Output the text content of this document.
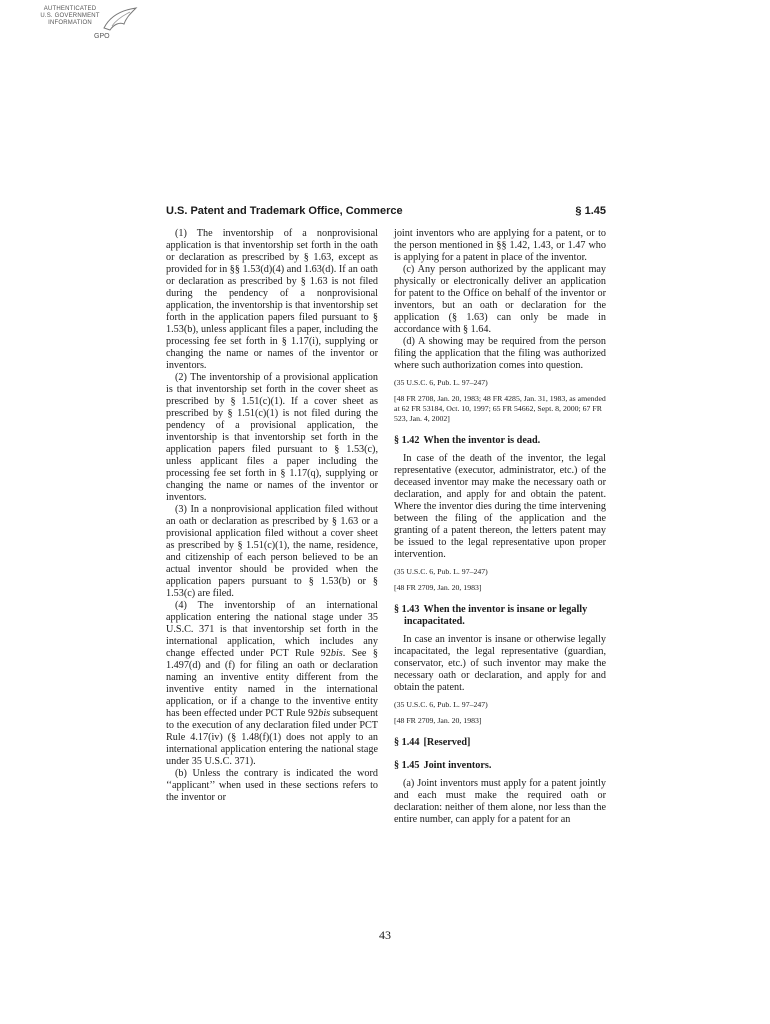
AUTHENTICATED
U.S. GOVERNMENT
INFORMATION
GPO
U.S. Patent and Trademark Office, Commerce	§ 1.45

(1) The inventorship of a nonprovisional application is that inventorship set forth in the oath or declaration as prescribed by § 1.63, except as provided for in §§ 1.53(d)(4) and 1.63(d). If an oath or declaration as prescribed by § 1.63 is not filed during the pendency of a nonprovisional application, the inventorship is that inventorship set forth in the application papers filed pursuant to § 1.53(b), unless applicant files a paper, including the processing fee set forth in § 1.17(i), supplying or changing the name or names of the inventor or inventors.

(2) The inventorship of a provisional application is that inventorship set forth in the cover sheet as prescribed by § 1.51(c)(1). If a cover sheet as prescribed by § 1.51(c)(1) is not filed during the pendency of a provisional application, the inventorship is that inventorship set forth in the application papers filed pursuant to § 1.53(c), unless applicant files a paper including the processing fee set forth in § 1.17(q), supplying or changing the name or names of the inventor or inventors.

(3) In a nonprovisional application filed without an oath or declaration as prescribed by § 1.63 or a provisional application filed without a cover sheet as prescribed by § 1.51(c)(1), the name, residence, and citizenship of each person believed to be an actual inventor should be provided when the application papers pursuant to § 1.53(b) or § 1.53(c) are filed.

(4) The inventorship of an international application entering the national stage under 35 U.S.C. 371 is that inventorship set forth in the international application, which includes any change effected under PCT Rule 92bis. See § 1.497(d) and (f) for filing an oath or declaration naming an inventive entity different from the inventive entity named in the international application, or if a change to the inventive entity has been effected under PCT Rule 92bis subsequent to the execution of any declaration filed under PCT Rule 4.17(iv) (§ 1.48(f)(1) does not apply to an international application entering the national stage under 35 U.S.C. 371).

(b) Unless the contrary is indicated the word ‘‘applicant’’ when used in these sections refers to the inventor or

joint inventors who are applying for a patent, or to the person mentioned in §§ 1.42, 1.43, or 1.47 who is applying for a patent in place of the inventor.

(c) Any person authorized by the applicant may physically or electronically deliver an application for patent to the Office on behalf of the inventor or inventors, but an oath or declaration for the application (§ 1.63) can only be made in accordance with § 1.64.

(d) A showing may be required from the person filing the application that the filing was authorized where such authorization comes into question.

(35 U.S.C. 6, Pub. L. 97–247)

[48 FR 2708, Jan. 20, 1983; 48 FR 4285, Jan. 31, 1983, as amended at 62 FR 53184, Oct. 10, 1997; 65 FR 54662, Sept. 8, 2000; 67 FR 523, Jan. 4, 2002]

§ 1.42 When the inventor is dead.

In case of the death of the inventor, the legal representative (executor, administrator, etc.) of the deceased inventor may make the necessary oath or declaration, and apply for and obtain the patent. Where the inventor dies during the time intervening between the filing of the application and the granting of a patent thereon, the letters patent may be issued to the legal representative upon proper intervention.

(35 U.S.C. 6, Pub. L. 97–247)

[48 FR 2709, Jan. 20, 1983]

§ 1.43 When the inventor is insane or legally incapacitated.

In case an inventor is insane or otherwise legally incapacitated, the legal representative (guardian, conservator, etc.) of such inventor may make the necessary oath or declaration, and apply for and obtain the patent.

(35 U.S.C. 6, Pub. L. 97–247)

[48 FR 2709, Jan. 20, 1983]

§ 1.44 [Reserved]
§ 1.45 Joint inventors.

(a) Joint inventors must apply for a patent jointly and each must make the required oath or declaration: neither of them alone, nor less than the entire number, can apply for a patent for an

43
